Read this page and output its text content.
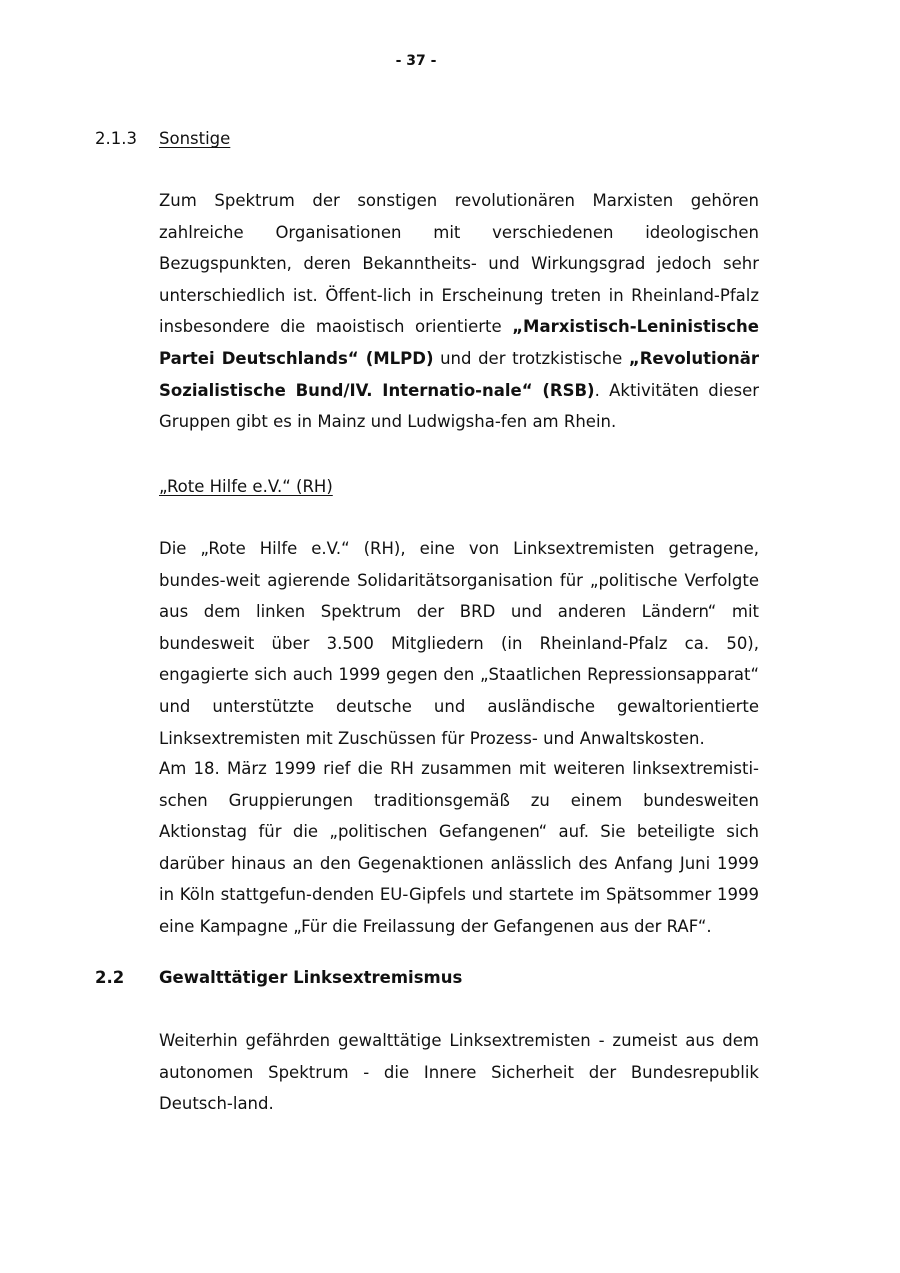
- 37 -
2.1.3 Sonstige

Zum Spektrum der sonstigen revolutionären Marxisten gehören zahlreiche Organisationen mit verschiedenen ideologischen Bezugspunkten, deren Bekanntheits- und Wirkungsgrad jedoch sehr unterschiedlich ist. Öffent-lich in Erscheinung treten in Rheinland-Pfalz insbesondere die maoistisch orientierte „Marxistisch-Leninistische Partei Deutschlands“ (MLPD) und der trotzkistische „Revolutionär Sozialistische Bund/IV. Internatio-nale“ (RSB). Aktivitäten dieser Gruppen gibt es in Mainz und Ludwigsha-fen am Rhein.

„Rote Hilfe e.V.“ (RH)

Die „Rote Hilfe e.V.“ (RH), eine von Linksextremisten getragene, bundes-weit agierende Solidaritätsorganisation für „politische Verfolgte aus dem linken Spektrum der BRD und anderen Ländern“ mit bundesweit über 3.500 Mitgliedern (in Rheinland-Pfalz ca. 50), engagierte sich auch 1999 gegen den „Staatlichen Repressionsapparat“ und unterstützte deutsche und ausländische gewaltorientierte Linksextremisten mit Zuschüssen für Prozess- und Anwaltskosten.

Am 18. März 1999 rief die RH zusammen mit weiteren linksextremisti-schen Gruppierungen traditionsgemäß zu einem bundesweiten Aktionstag für die „politischen Gefangenen“ auf. Sie beteiligte sich darüber hinaus an den Gegenaktionen anlässlich des Anfang Juni 1999 in Köln stattgefun-denden EU-Gipfels und startete im Spätsommer 1999 eine Kampagne „Für die Freilassung der Gefangenen aus der RAF“.

2.2 Gewalttätiger Linksextremismus

Weiterhin gefährden gewalttätige Linksextremisten - zumeist aus dem autonomen Spektrum - die Innere Sicherheit der Bundesrepublik Deutsch-land.
